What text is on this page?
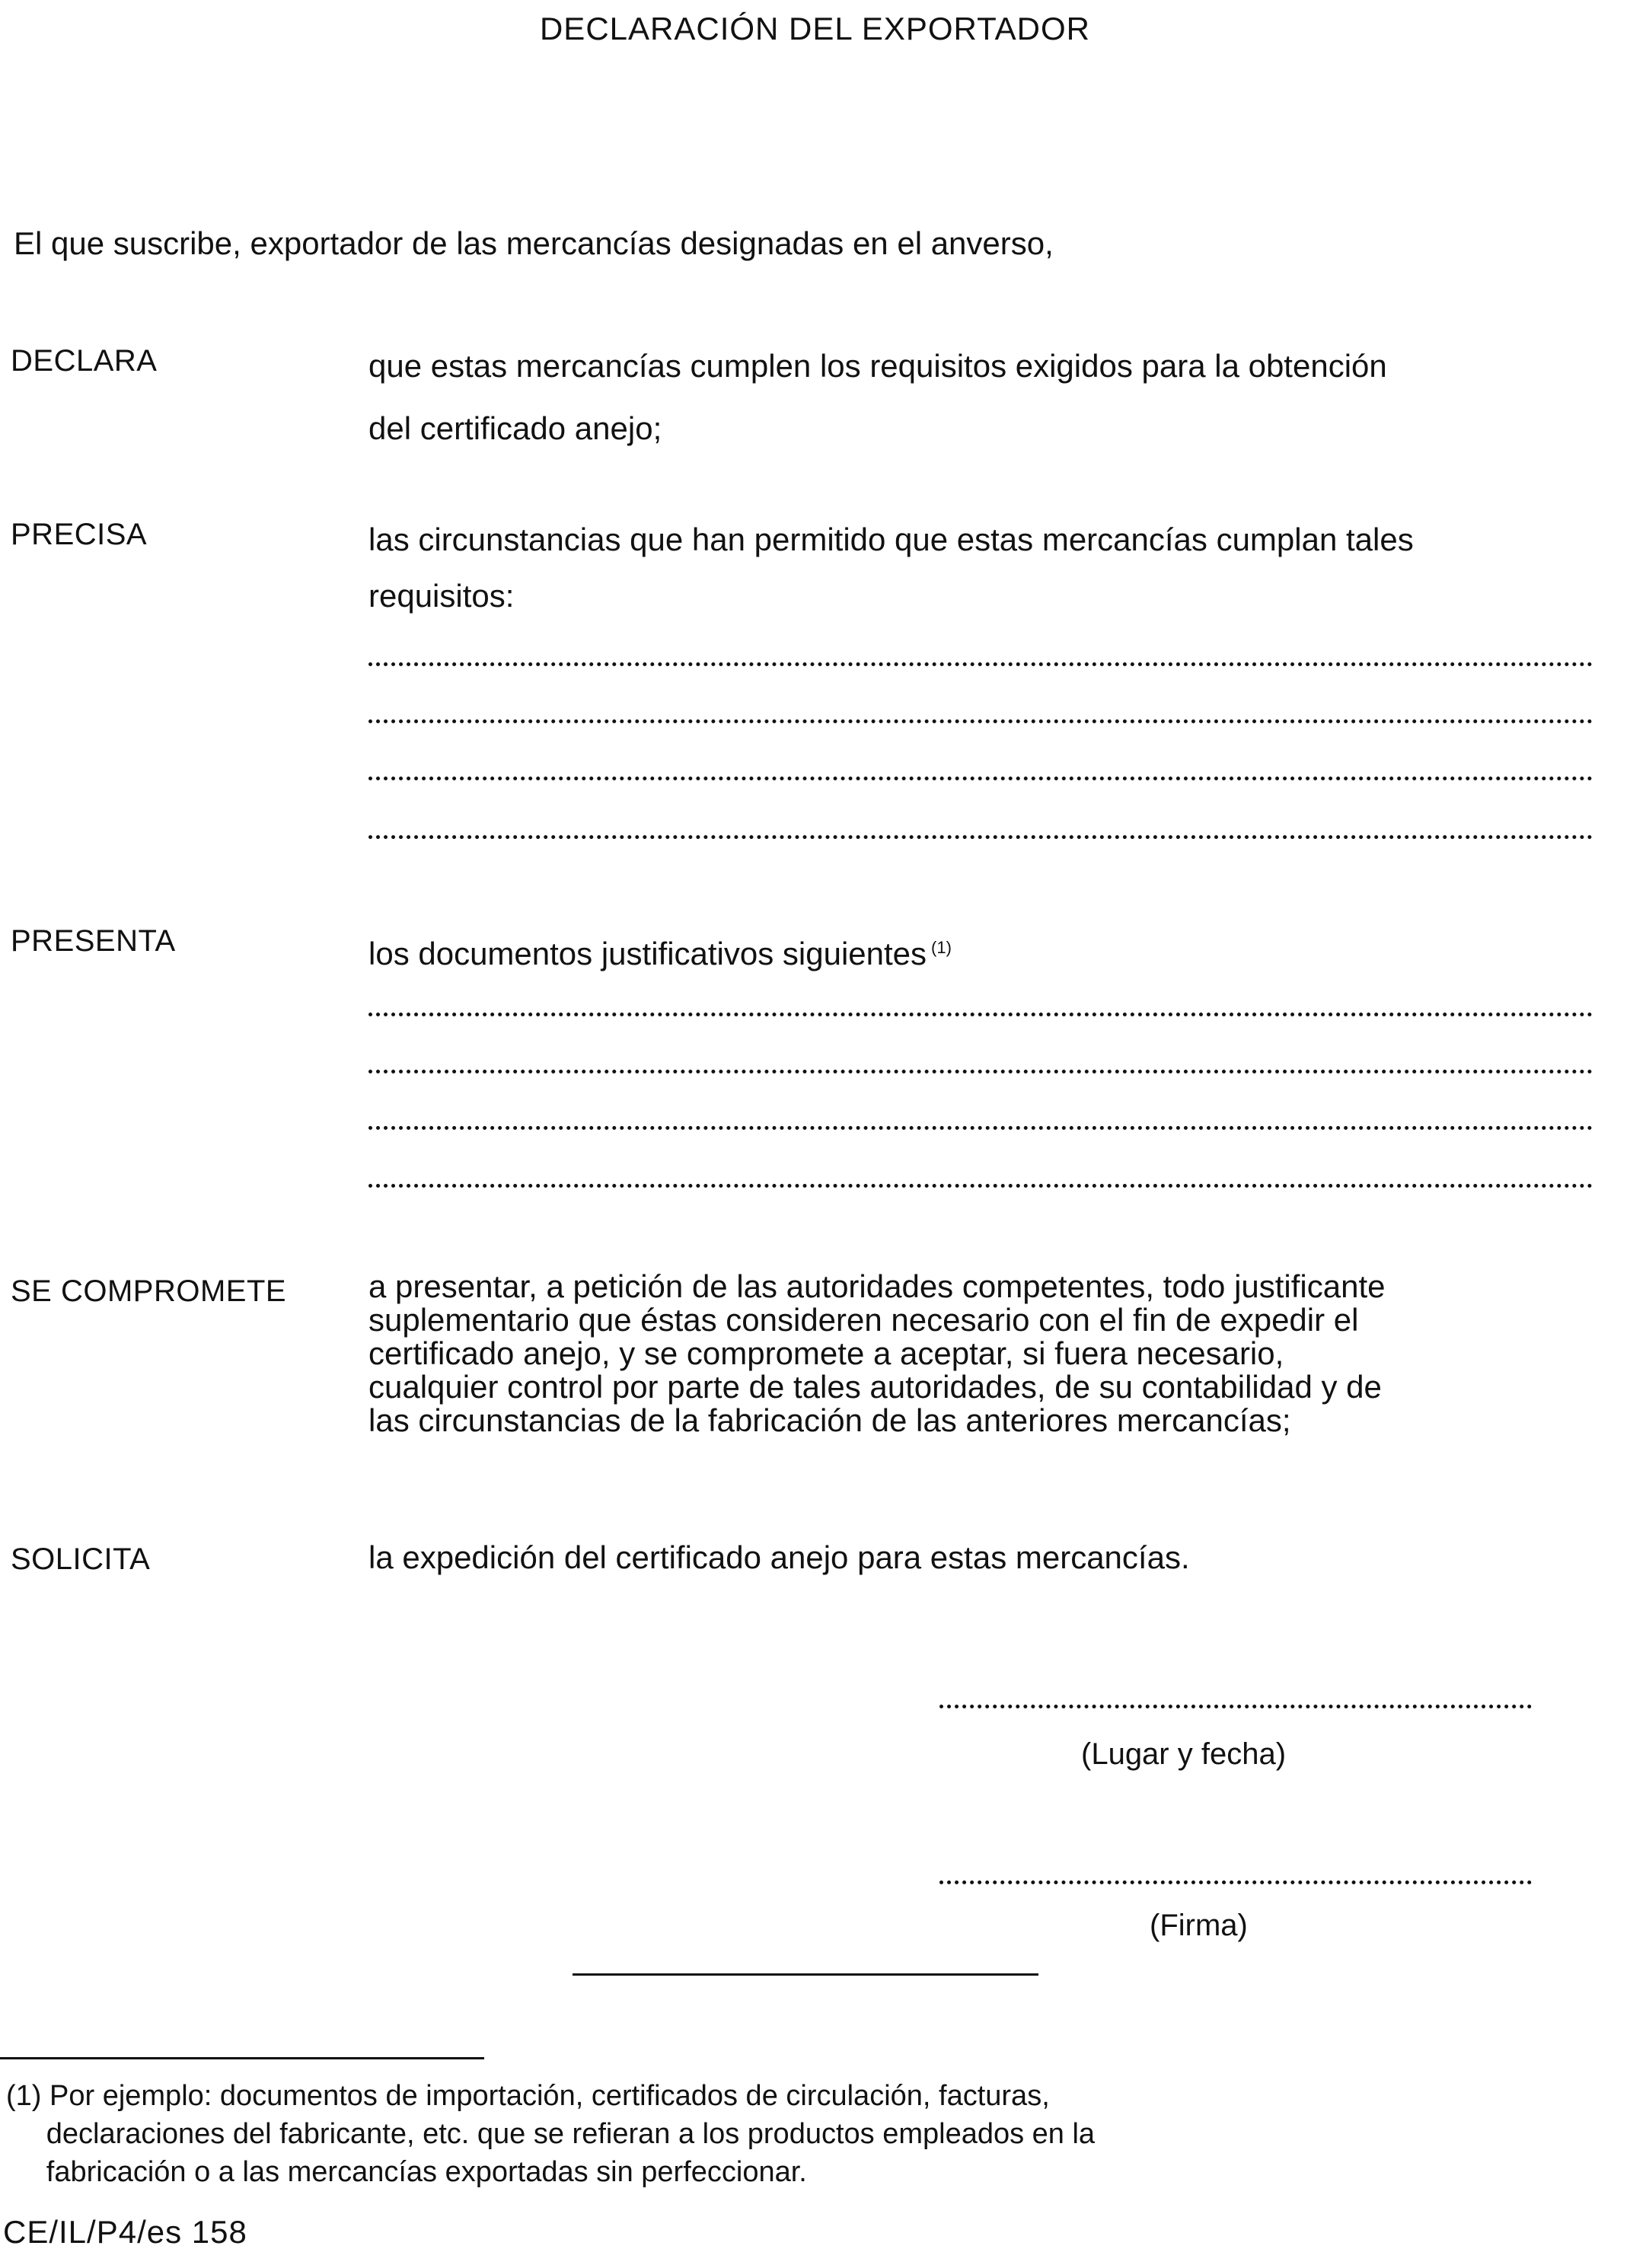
DECLARACIÓN DEL EXPORTADOR
El que suscribe, exportador de las mercancías designadas en el anverso,
DECLARA	que estas mercancías cumplen los requisitos exigidos para la obtención
del certificado anejo;
PRECISA	las circunstancias que han permitido que estas mercancías cumplan tales
requisitos:
PRESENTA	los documentos justificativos siguientes $^{(1)}$
SE COMPROMETE	a presentar, a petición de las autoridades competentes, todo justificante
suplementario que éstas consideren necesario con el fin de expedir el
certificado anejo, y se compromete a aceptar, si fuera necesario,
cualquier control por parte de tales autoridades, de su contabilidad y de
las circunstancias de la fabricación de las anteriores mercancías;
SOLICITA	la expedición del certificado anejo para estas mercancías.
(Lugar y fecha)
(Firma)
(1) Por ejemplo: documentos de importación, certificados de circulación, facturas,
declaraciones del fabricante, etc. que se refieran a los productos empleados en la
fabricación o a las mercancías exportadas sin perfeccionar.
CE/IL/P4/es 158
